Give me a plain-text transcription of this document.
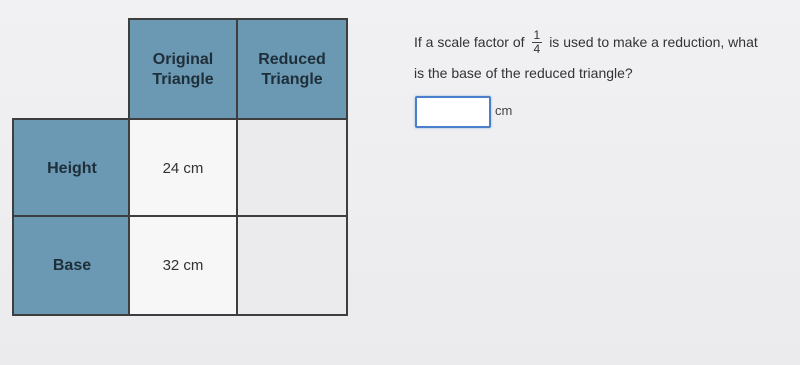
Original Triangle
Reduced Triangle
Height	24 cm
Base	32 cm
If a scale factor of $\frac{1}{4}$ is used to make a reduction, what
is the base of the reduced triangle?
cm
